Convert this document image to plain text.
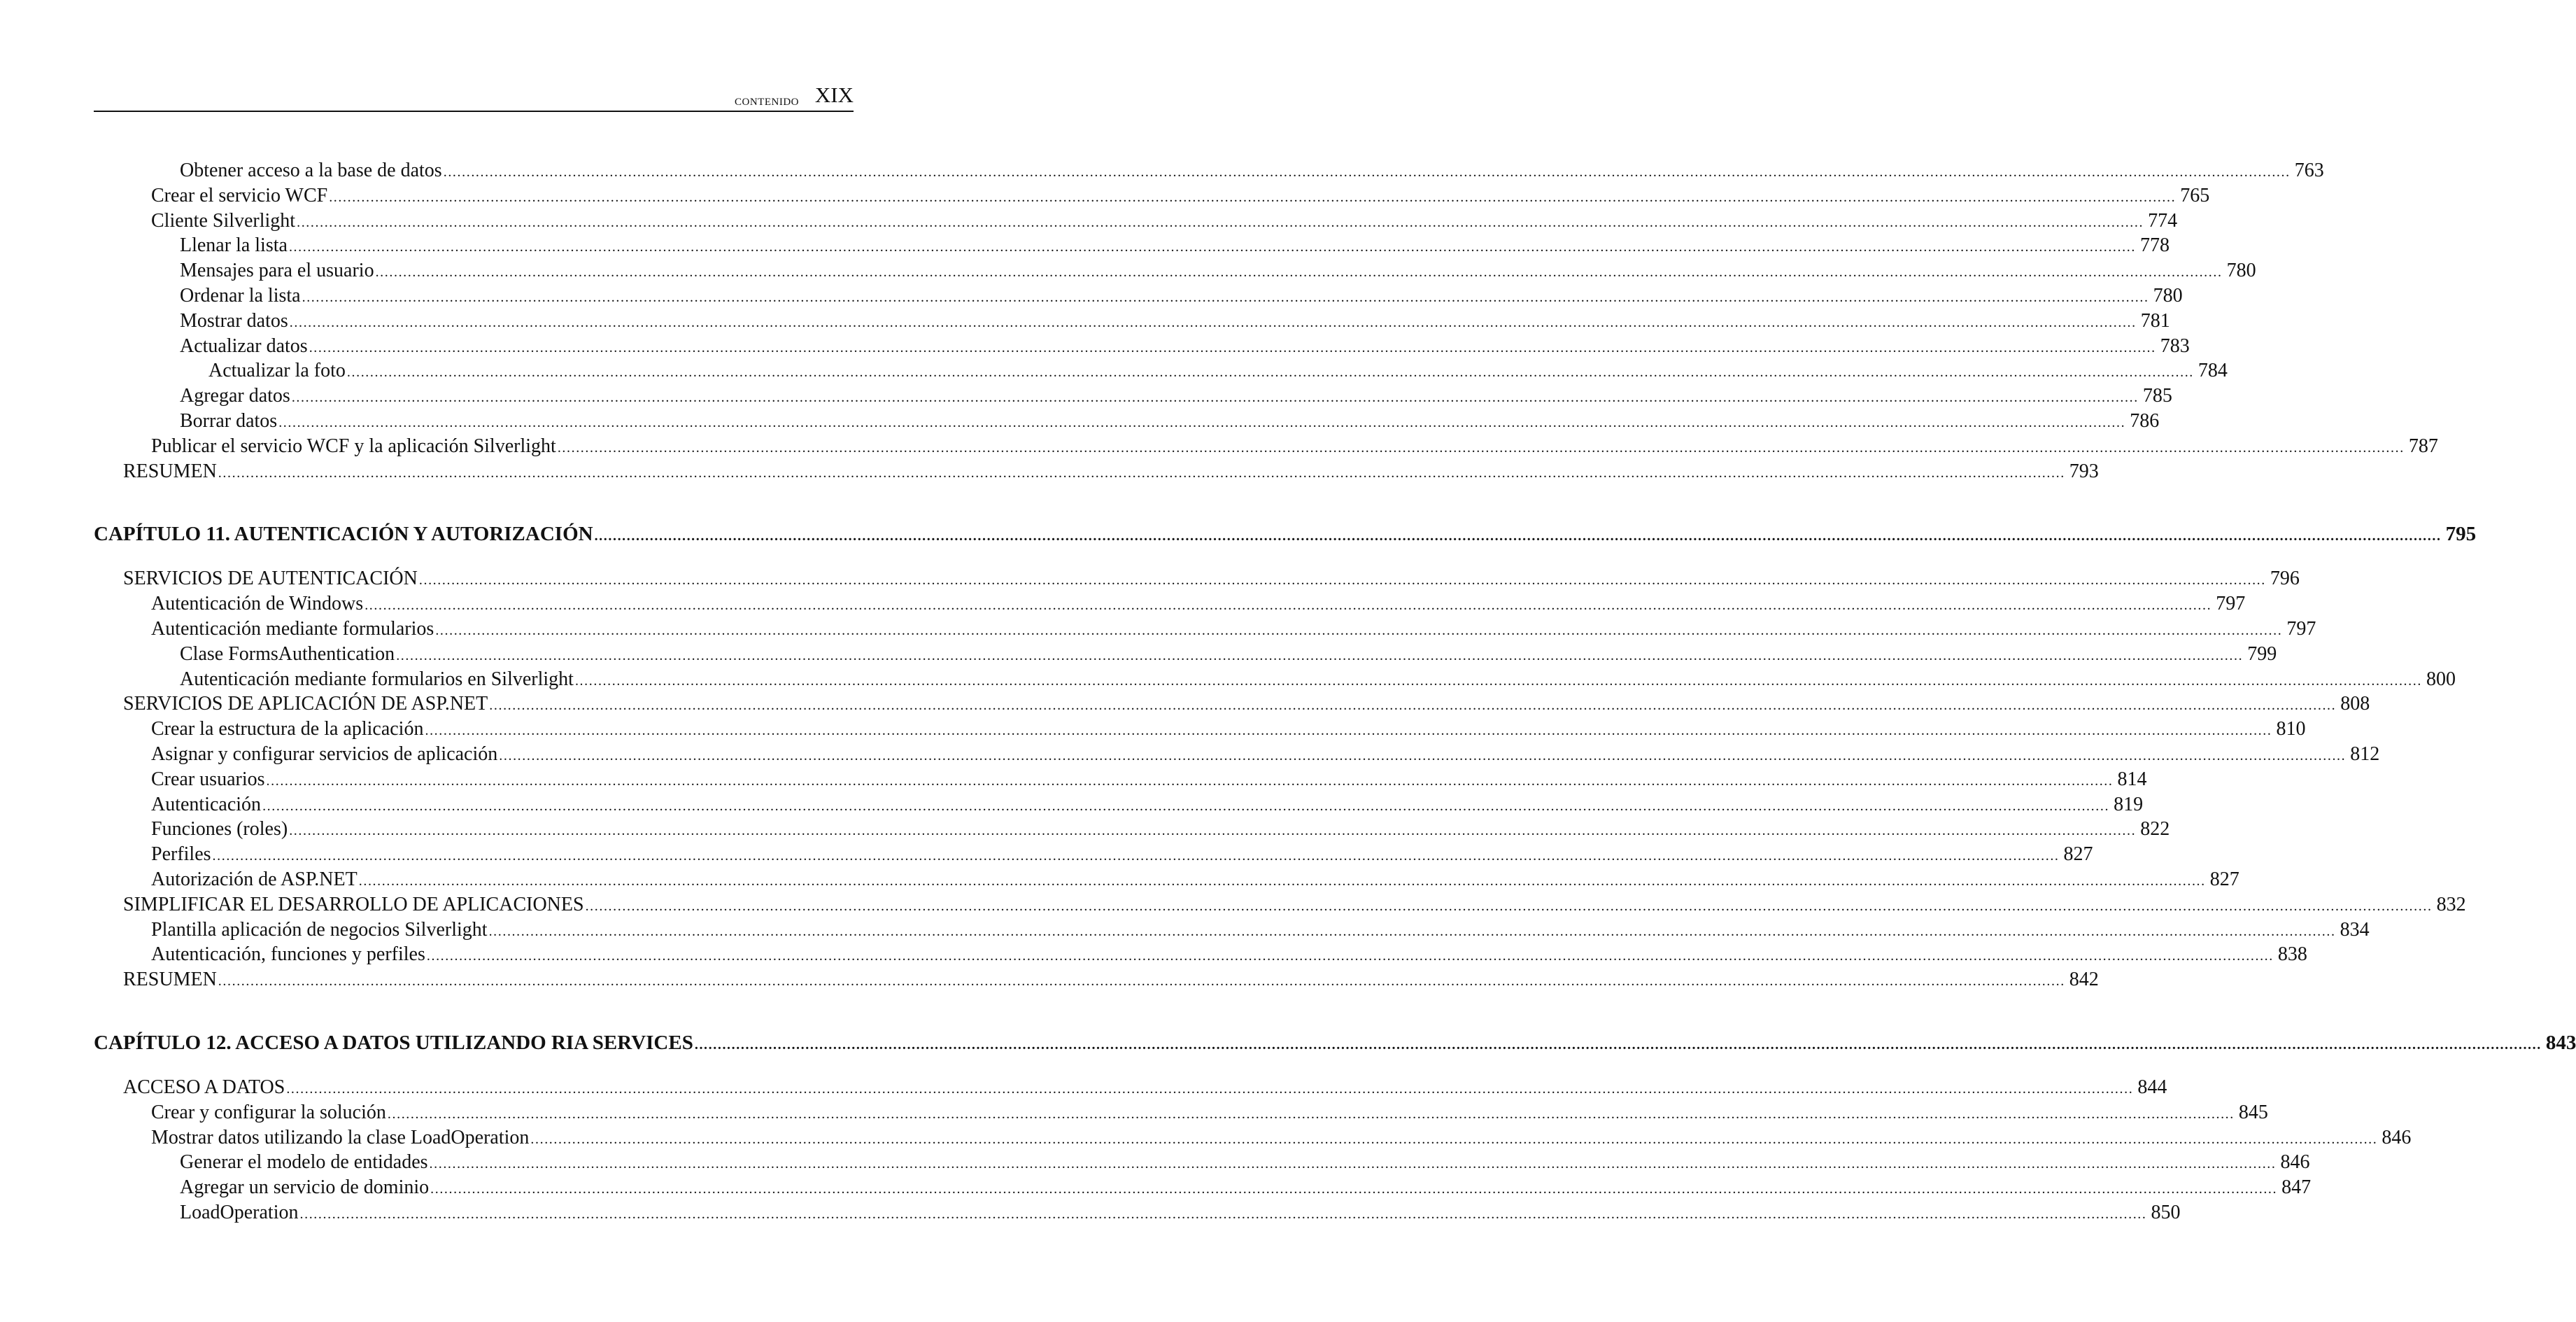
contenido XIX
Obtener acceso a la base de datos ................................................................................................................................................................................................................................................................................................................................................................................................................ 763
Crear el servicio WCF ................................................................................................................................................................................................................................................................................................................................................................................................................ 765
Cliente Silverlight ................................................................................................................................................................................................................................................................................................................................................................................................................ 774
Llenar la lista ................................................................................................................................................................................................................................................................................................................................................................................................................ 778
Mensajes para el usuario ................................................................................................................................................................................................................................................................................................................................................................................................................ 780
Ordenar la lista ................................................................................................................................................................................................................................................................................................................................................................................................................ 780
Mostrar datos ................................................................................................................................................................................................................................................................................................................................................................................................................ 781
Actualizar datos ................................................................................................................................................................................................................................................................................................................................................................................................................ 783
Actualizar la foto ................................................................................................................................................................................................................................................................................................................................................................................................................ 784
Agregar datos ................................................................................................................................................................................................................................................................................................................................................................................................................ 785
Borrar datos ................................................................................................................................................................................................................................................................................................................................................................................................................ 786
Publicar el servicio WCF y la aplicación Silverlight ................................................................................................................................................................................................................................................................................................................................................................................................................ 787
RESUMEN ................................................................................................................................................................................................................................................................................................................................................................................................................ 793
CAPÍTULO 11. AUTENTICACIÓN Y AUTORIZACIÓN ................................................................................................................................................................................................................................................................................................................................................................................................................ 795
SERVICIOS DE AUTENTICACIÓN ................................................................................................................................................................................................................................................................................................................................................................................................................ 796
Autenticación de Windows ................................................................................................................................................................................................................................................................................................................................................................................................................ 797
Autenticación mediante formularios ................................................................................................................................................................................................................................................................................................................................................................................................................ 797
Clase FormsAuthentication ................................................................................................................................................................................................................................................................................................................................................................................................................ 799
Autenticación mediante formularios en Silverlight ................................................................................................................................................................................................................................................................................................................................................................................................................ 800
SERVICIOS DE APLICACIÓN DE ASP.NET ................................................................................................................................................................................................................................................................................................................................................................................................................ 808
Crear la estructura de la aplicación ................................................................................................................................................................................................................................................................................................................................................................................................................ 810
Asignar y configurar servicios de aplicación ................................................................................................................................................................................................................................................................................................................................................................................................................ 812
Crear usuarios ................................................................................................................................................................................................................................................................................................................................................................................................................ 814
Autenticación ................................................................................................................................................................................................................................................................................................................................................................................................................ 819
Funciones (roles) ................................................................................................................................................................................................................................................................................................................................................................................................................ 822
Perfiles ................................................................................................................................................................................................................................................................................................................................................................................................................ 827
Autorización de ASP.NET ................................................................................................................................................................................................................................................................................................................................................................................................................ 827
SIMPLIFICAR EL DESARROLLO DE APLICACIONES ................................................................................................................................................................................................................................................................................................................................................................................................................ 832
Plantilla aplicación de negocios Silverlight ................................................................................................................................................................................................................................................................................................................................................................................................................ 834
Autenticación, funciones y perfiles ................................................................................................................................................................................................................................................................................................................................................................................................................ 838
RESUMEN ................................................................................................................................................................................................................................................................................................................................................................................................................ 842
CAPÍTULO 12. ACCESO A DATOS UTILIZANDO RIA SERVICES ................................................................................................................................................................................................................................................................................................................................................................................................................ 843
ACCESO A DATOS ................................................................................................................................................................................................................................................................................................................................................................................................................ 844
Crear y configurar la solución ................................................................................................................................................................................................................................................................................................................................................................................................................ 845
Mostrar datos utilizando la clase LoadOperation ................................................................................................................................................................................................................................................................................................................................................................................................................ 846
Generar el modelo de entidades ................................................................................................................................................................................................................................................................................................................................................................................................................ 846
Agregar un servicio de dominio ................................................................................................................................................................................................................................................................................................................................................................................................................ 847
LoadOperation ................................................................................................................................................................................................................................................................................................................................................................................................................ 850
